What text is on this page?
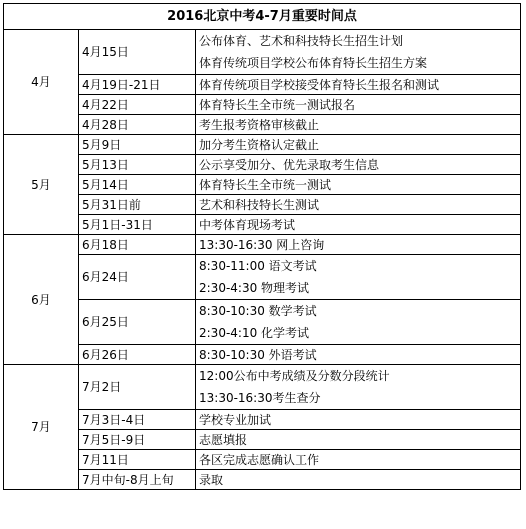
2016北京中考4-7月重要时间点		
4月	4月15日	公布体育、艺术和科技特长生招生计划
体育传统项目学校公布体育特长生招生方案

	4月19日-21日	体育传统项目学校接受体育特长生报名和测试

	4月22日	体育特长生全市统一测试报名

	4月28日	考生报考资格审核截止

5月	5月9日	加分考生资格认定截止

	5月13日	公示享受加分、优先录取考生信息

	5月14日	体育特长生全市统一测试

	5月31日前	艺术和科技特长生测试

	5月1日-31日	中考体育现场考试

6月	6月18日	13:30-16:30 网上咨询

	6月24日	8:30-11:00 语文考试
2:30-4:30 物理考试

	6月25日	8:30-10:30 数学考试
2:30-4:10 化学考试

	6月26日	8:30-10:30 外语考试

7月	7月2日	12:00公布中考成绩及分数分段统计
13:30-16:30考生查分

	7月3日-4日	学校专业加试

	7月5日-9日	志愿填报

	7月11日	各区完成志愿确认工作

	7月中旬-8月上旬	录取
